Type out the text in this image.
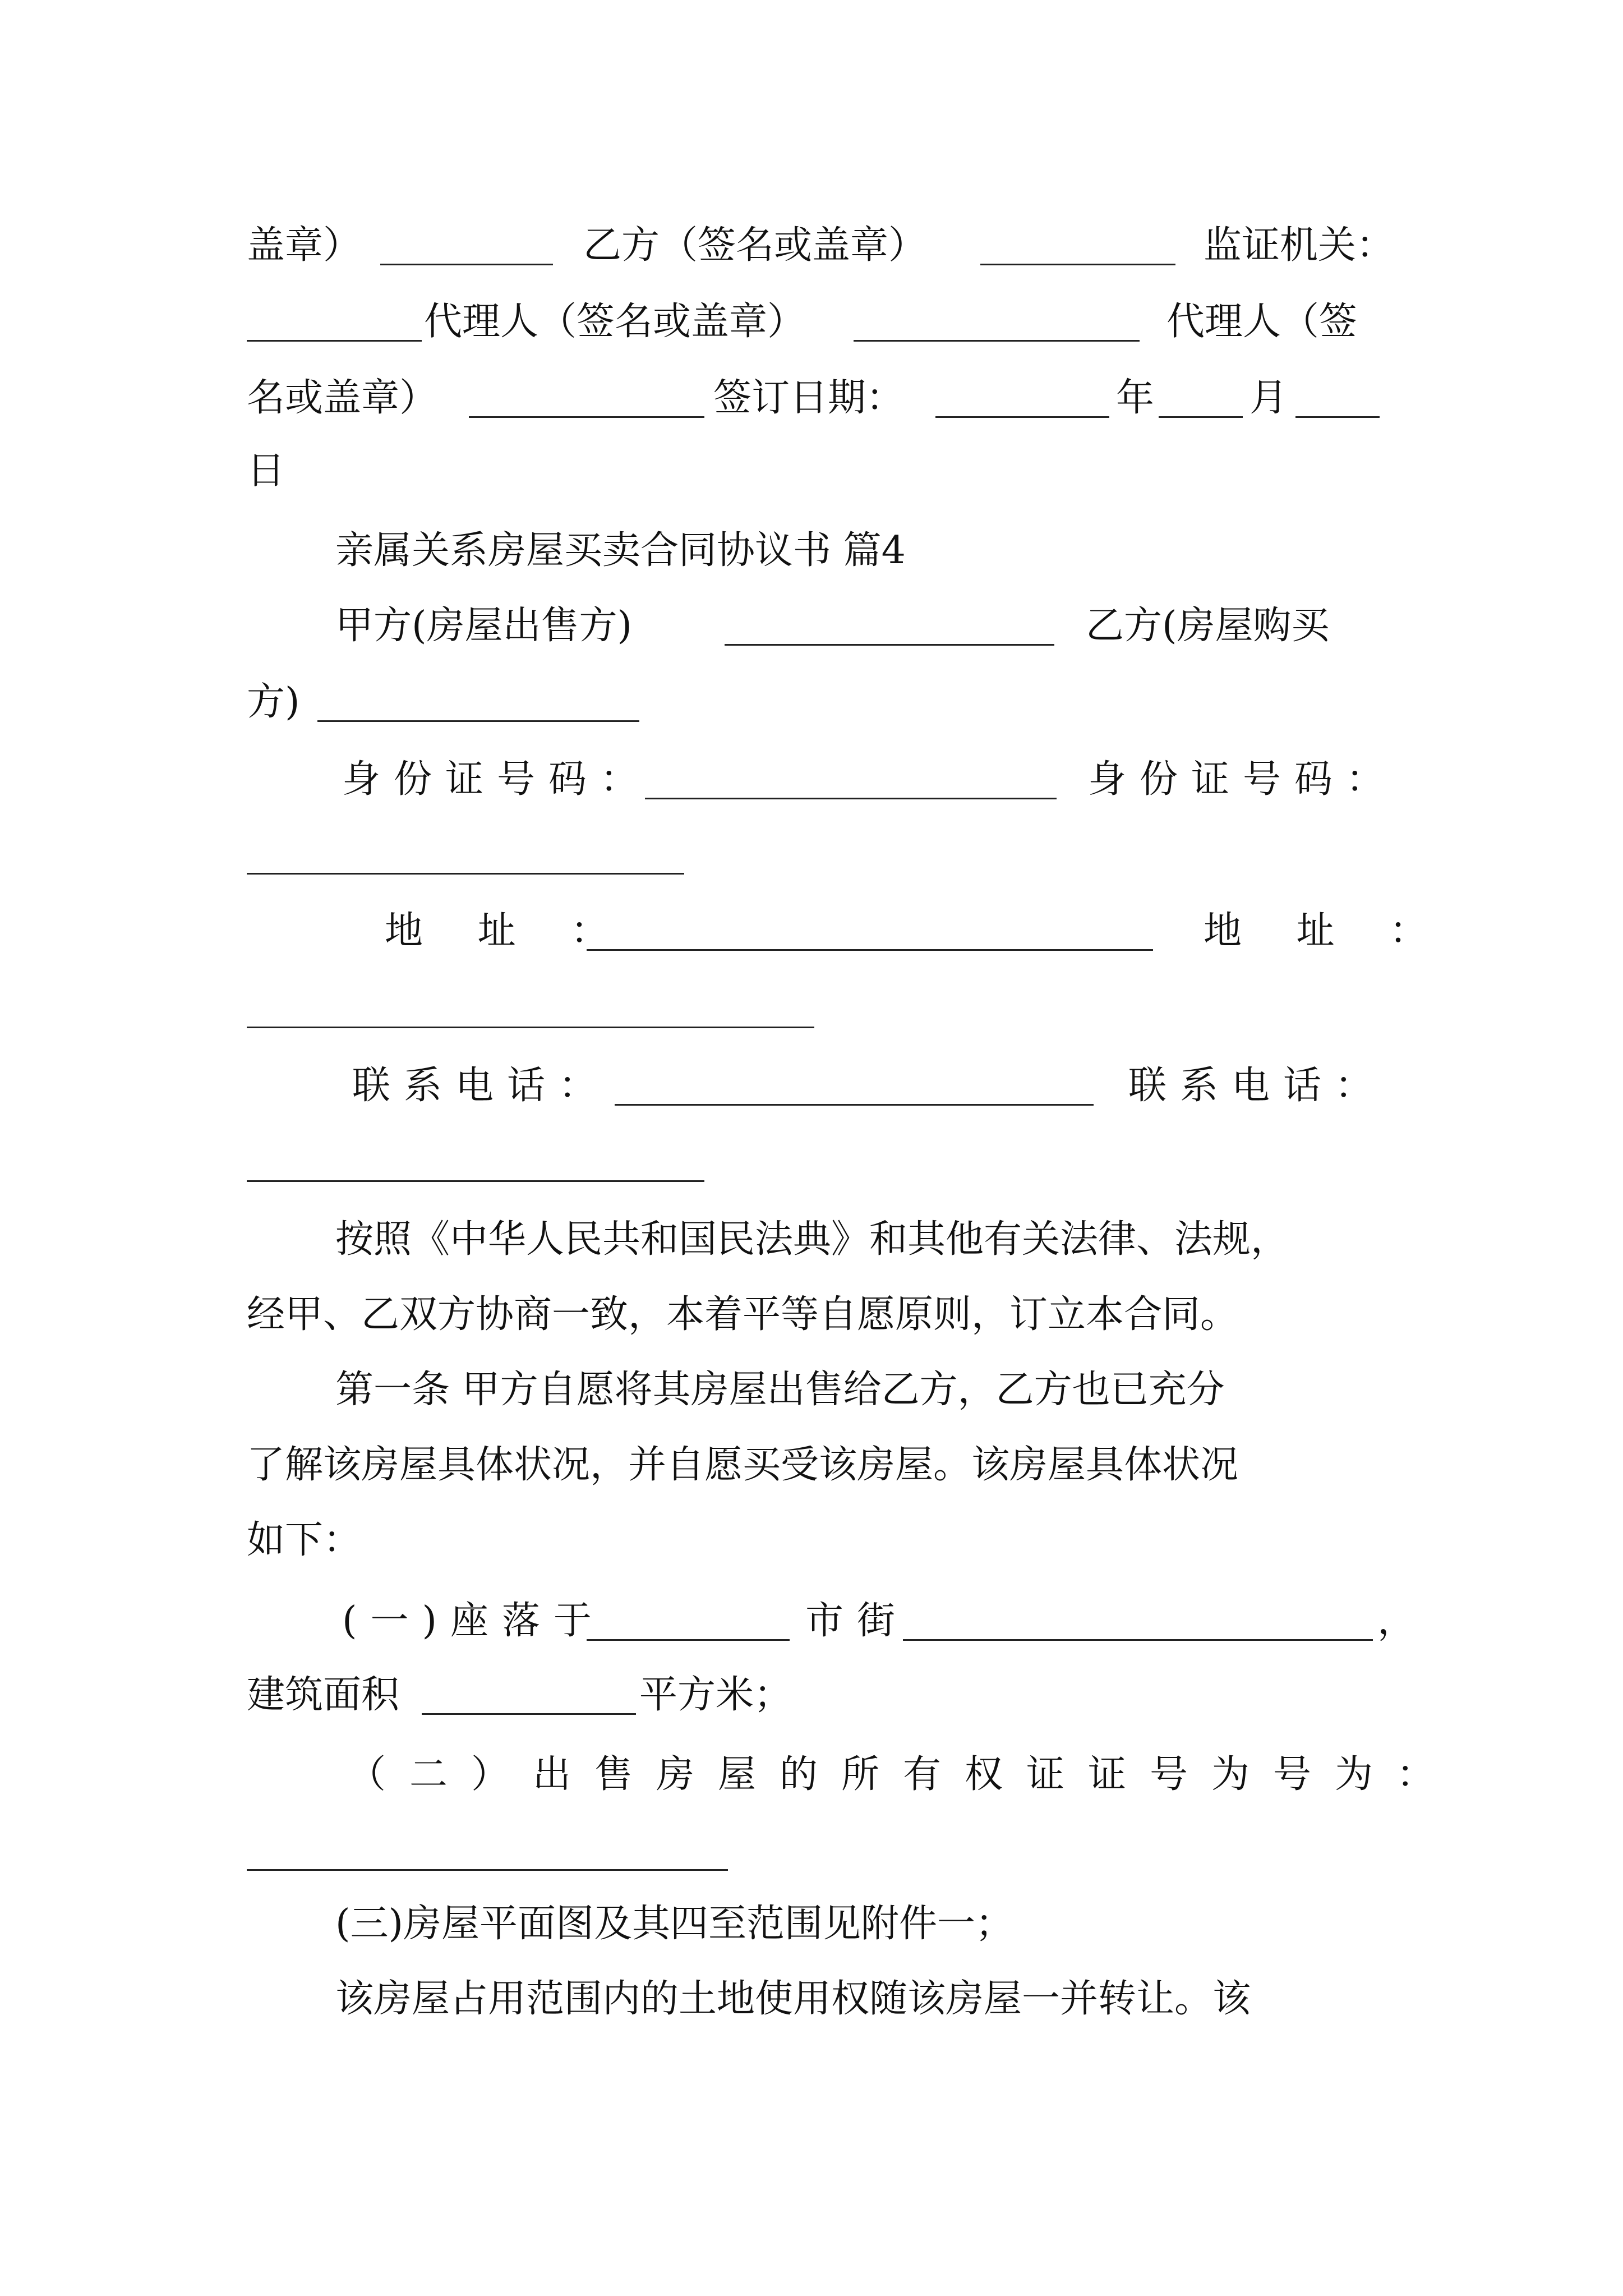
盖章）	乙方（签名或盖章）	监证机关：
代理人（签名或盖章）	代理人（签
名或盖章）	签订日期：	年 月
日
亲属关系房屋买卖合同协议书 篇4
甲方(房屋出售方)	乙方(房屋购买
方)
身份证号码：	身份证号码：
地 址 ：	地 址 ：
联系电话：	联系电话：
按照《中华人民共和国民法典》和其他有关法律、法规，
经甲、乙双方协商一致，本着平等自愿原则，订立本合同。
第一条 甲方自愿将其房屋出售给乙方，乙方也已充分
了解该房屋具体状况，并自愿买受该房屋。该房屋具体状况
如下：
(一)座落于	市街	，
建筑面积	平方米；
（二）出售房屋的所有权证证号为号为：
(三)房屋平面图及其四至范围见附件一；
该房屋占用范围内的土地使用权随该房屋一并转让。该
